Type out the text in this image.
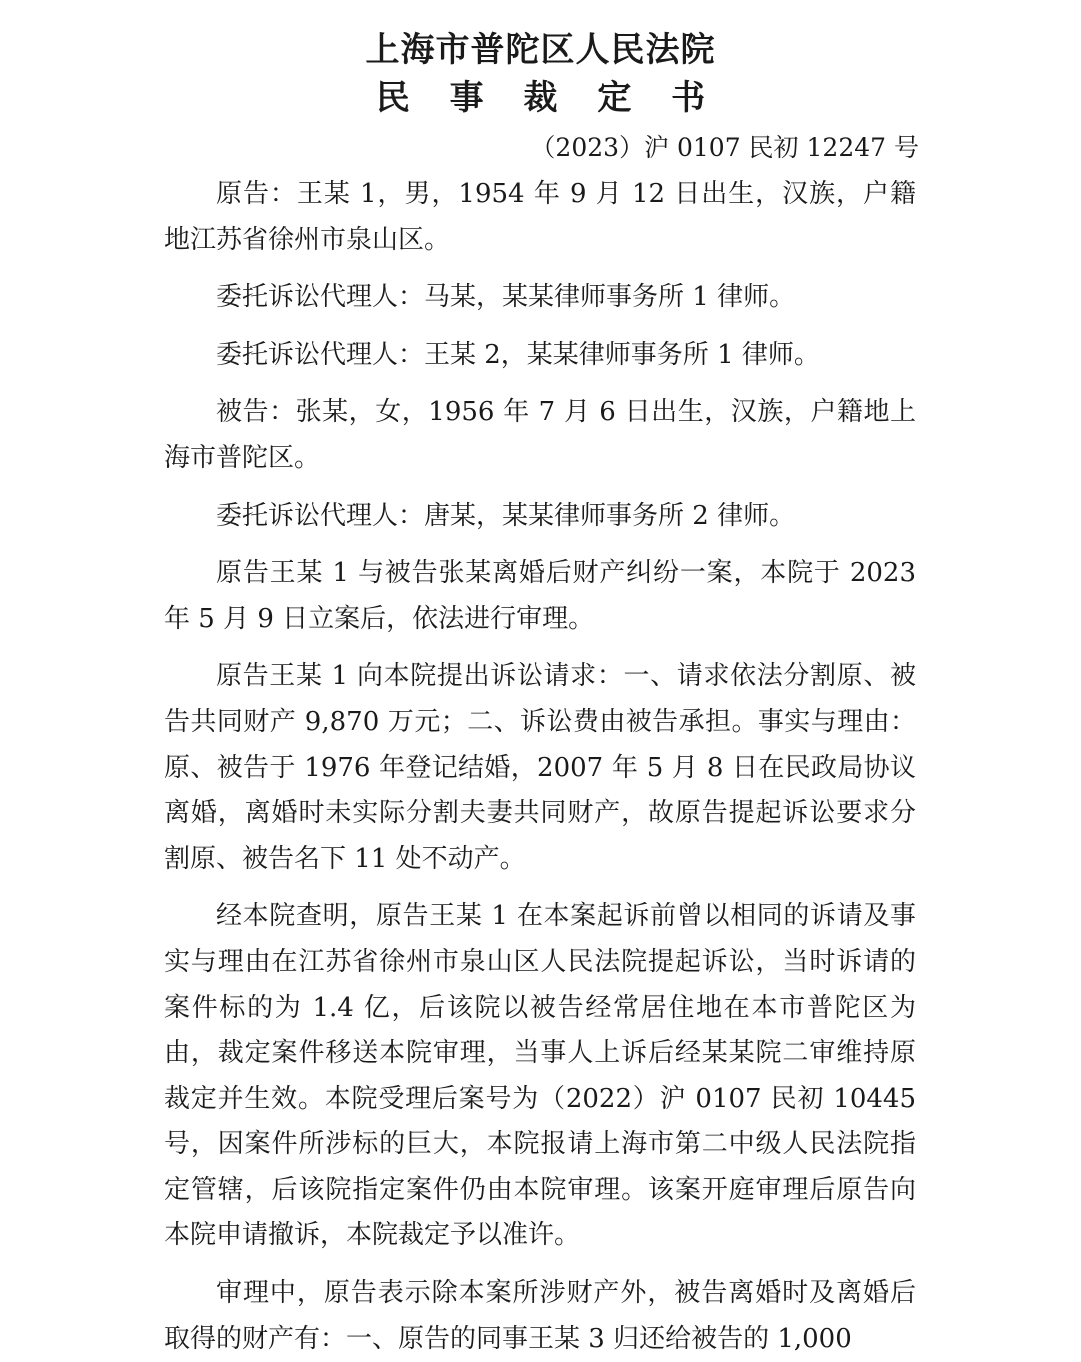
上海市普陀区人民法院
民 事 裁 定 书
（2023）沪 0107 民初 12247 号

原告：王某 1，男，1954 年 9 月 12 日出生，汉族，户籍地江苏省徐州市泉山区。

委托诉讼代理人：马某，某某律师事务所 1 律师。

委托诉讼代理人：王某 2，某某律师事务所 1 律师。

被告：张某，女，1956 年 7 月 6 日出生，汉族，户籍地上海市普陀区。

委托诉讼代理人：唐某，某某律师事务所 2 律师。

原告王某 1 与被告张某离婚后财产纠纷一案，本院于 2023 年 5 月 9 日立案后，依法进行审理。

原告王某 1 向本院提出诉讼请求：一、请求依法分割原、被告共同财产 9,870 万元；二、诉讼费由被告承担。事实与理由：原、被告于 1976 年登记结婚，2007 年 5 月 8 日在民政局协议离婚，离婚时未实际分割夫妻共同财产，故原告提起诉讼要求分割原、被告名下 11 处不动产。

经本院查明，原告王某 1 在本案起诉前曾以相同的诉请及事实与理由在江苏省徐州市泉山区人民法院提起诉讼，当时诉请的案件标的为 1.4 亿，后该院以被告经常居住地在本市普陀区为由，裁定案件移送本院审理，当事人上诉后经某某院二审维持原裁定并生效。本院受理后案号为（2022）沪 0107 民初 10445 号，因案件所涉标的巨大，本院报请上海市第二中级人民法院指定管辖，后该院指定案件仍由本院审理。该案开庭审理后原告向本院申请撤诉，本院裁定予以准许。

审理中，原告表示除本案所涉财产外，被告离婚时及离婚后取得的财产有：一、原告的同事王某 3 归还给被告的 1,000
